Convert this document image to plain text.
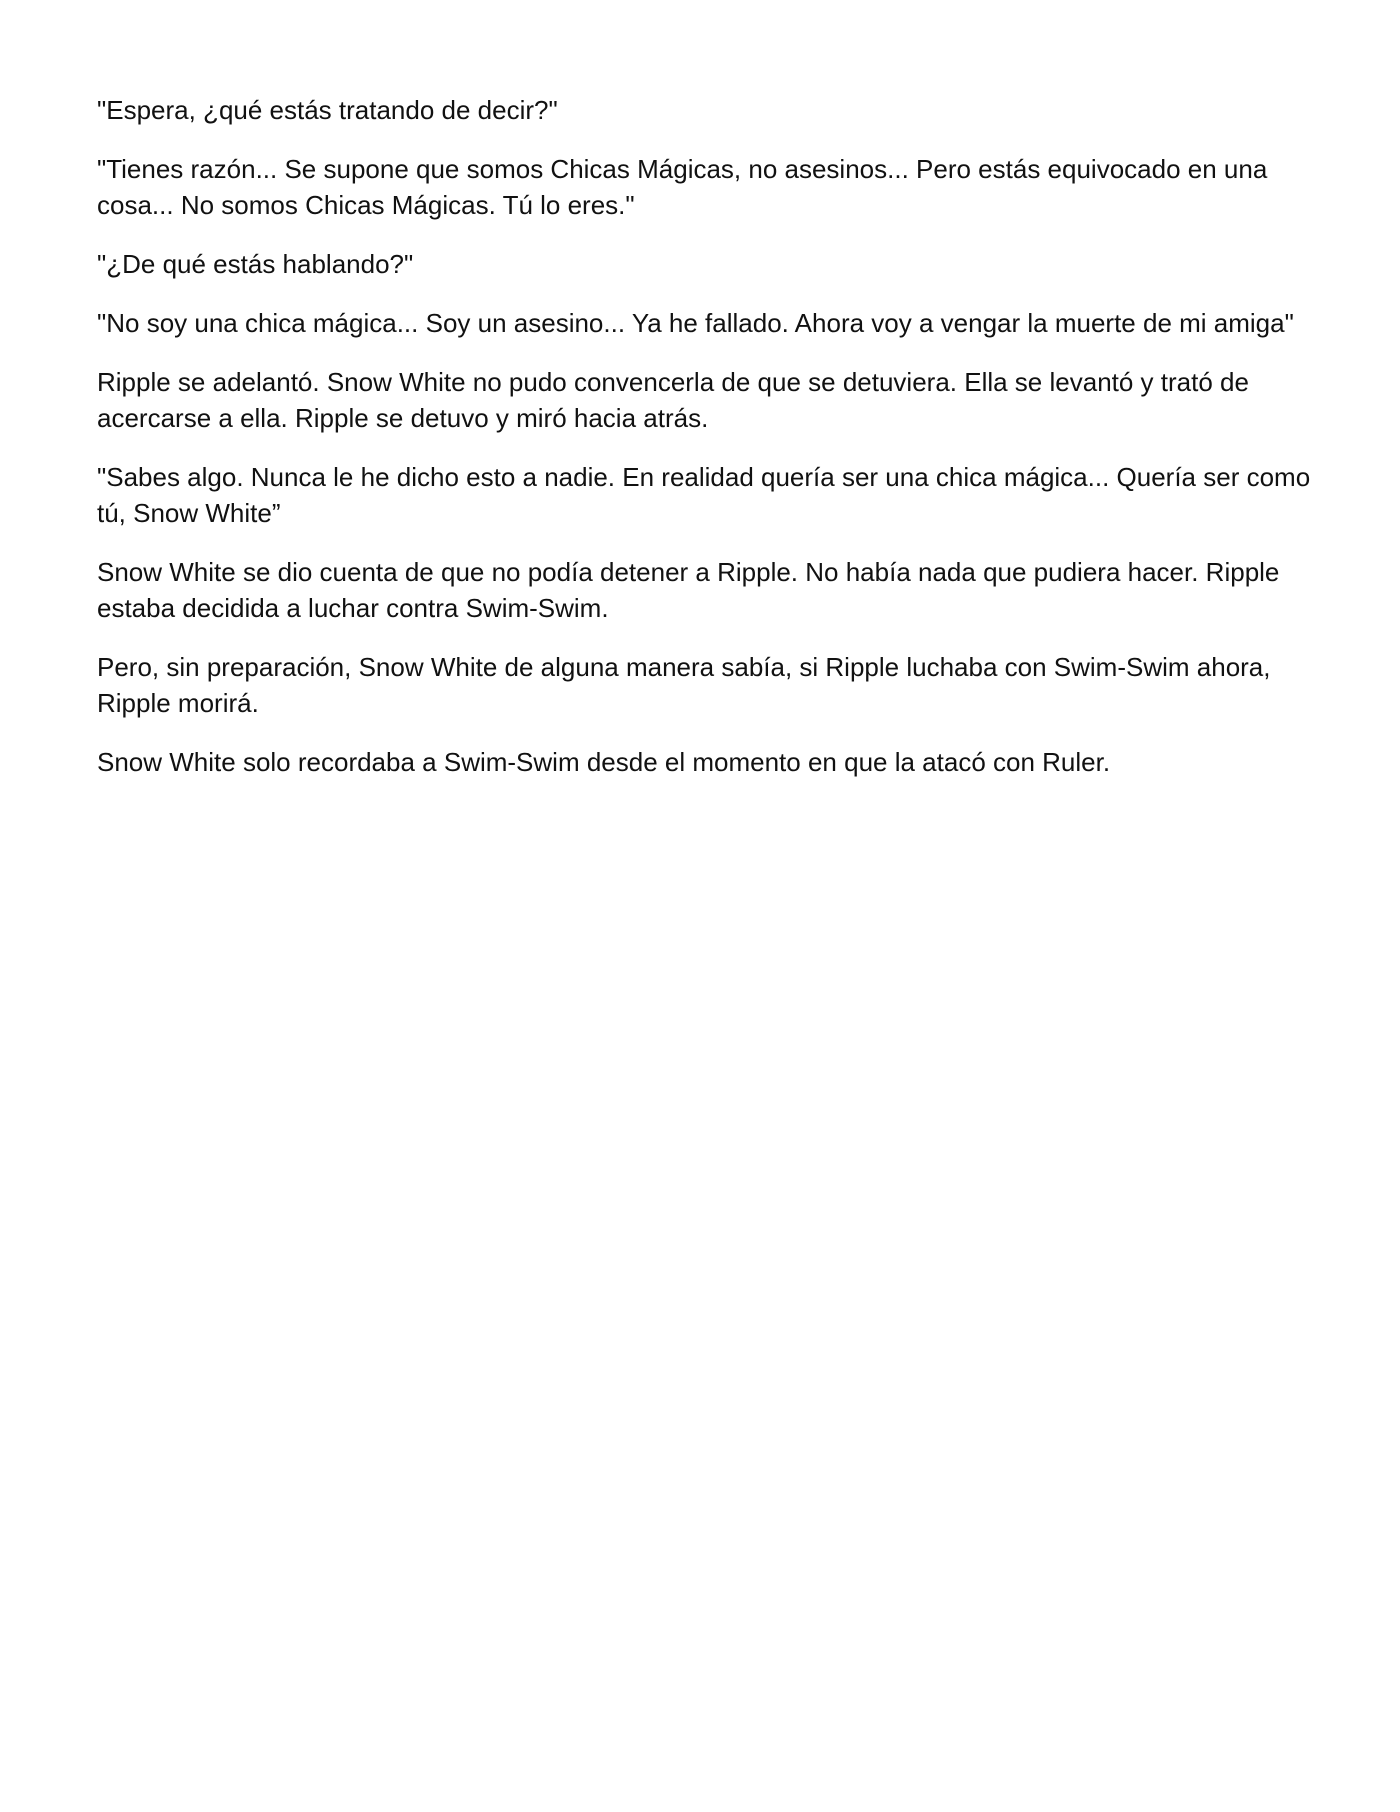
"Espera, ¿qué estás tratando de decir?"

"Tienes razón... Se supone que somos Chicas Mágicas, no asesinos... Pero estás equivocado en una cosa... No somos Chicas Mágicas. Tú lo eres."

"¿De qué estás hablando?"

"No soy una chica mágica... Soy un asesino... Ya he fallado. Ahora voy a vengar la muerte de mi amiga"

Ripple se adelantó. Snow White no pudo convencerla de que se detuviera. Ella se levantó y trató de acercarse a ella. Ripple se detuvo y miró hacia atrás.

"Sabes algo. Nunca le he dicho esto a nadie. En realidad quería ser una chica mágica... Quería ser como tú, Snow White”

Snow White se dio cuenta de que no podía detener a Ripple. No había nada que pudiera hacer. Ripple estaba decidida a luchar contra Swim-Swim.

Pero, sin preparación, Snow White de alguna manera sabía, si Ripple luchaba con Swim-Swim ahora, Ripple morirá.

Snow White solo recordaba a Swim-Swim desde el momento en que la atacó con Ruler.
